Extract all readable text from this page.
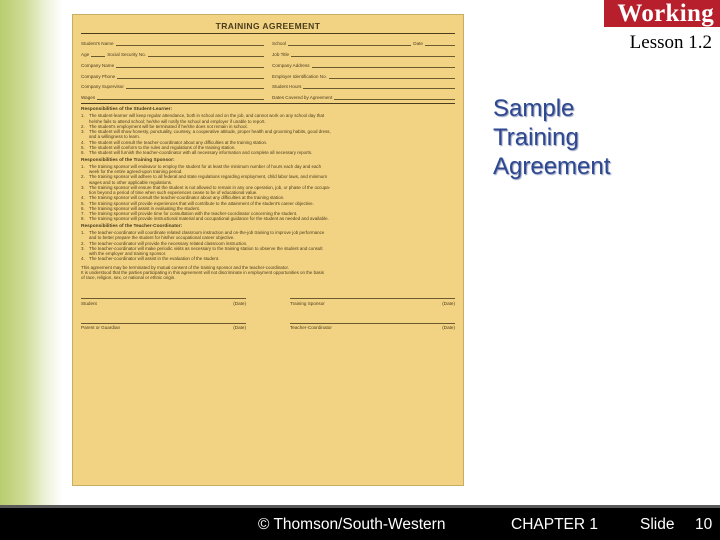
Working
Lesson 1.2
Sample
Training
Agreement
TRAINING AGREEMENT
Student's Name	School	Date
Age	Social Security No.	Job Title
Company Name	Company Address
Company Phone	Employer Identification No.
Company Supervisor	Student Hours
Wages	Dates Covered by Agreement
Responsibilities of the Student-Learner:
1. The student-learner will keep regular attendance, both in school and on the job, and cannot work on any school day that
he/she fails to attend school; he/she will notify the school and employer if unable to report.
2. The student's employment will be terminated if he/she does not remain in school.
3. The student will show honesty, punctuality, courtesy, a cooperative attitude, proper health and grooming habits, good dress,
and a willingness to learn.
4. The student will consult the teacher-coordinator about any difficulties at the training station.
5. The student will conform to the rules and regulations of the training station.
6. The student will furnish the teacher-coordinator with all necessary information and complete all necessary reports.
Responsibilities of the Training Sponsor:
1. The training sponsor will endeavor to employ the student for at least the minimum number of hours each day and each
week for the entire agreed-upon training period.
2. The training sponsor will adhere to all federal and state regulations regarding employment, child labor laws, and minimum
wages and to other applicable regulations.
3. The training sponsor will ensure that the student is not allowed to remain in any one operation, job, or phase of the occupa-
tion beyond a period of time when such experiences cease to be of educational value.
4. The training sponsor will consult the teacher-coordinator about any difficulties at the training station.
5. The training sponsor will provide experiences that will contribute to the attainment of the student's career objective.
6. The training sponsor will assist in evaluating the student.
7. The training sponsor will provide time for consultation with the teacher-coordinator concerning the student.
8. The training sponsor will provide instructional material and occupational guidance for the student as needed and available.
Responsibilities of the Teacher-Coordinator:
1. The teacher-coordinator will coordinate related classroom instruction and on-the-job training to improve job performance
and to better prepare the student for his/her occupational career objective.
2. The teacher-coordinator will provide the necessary related classroom instruction.
3. The teacher-coordinator will make periodic visits as necessary to the training station to observe the student and consult
with the employer and training sponsor.
4. The teacher-coordinator will assist in the evaluation of the student.
This agreement may be terminated by mutual consent of the training sponsor and the teacher-coordinator.
It is understood that the parties participating in this agreement will not discriminate in employment opportunities on the basis
of race, religion, sex, or national or ethnic origin.
Student	(Date)	Training Sponsor	(Date)
Parent or Guardian	(Date)	Teacher-Coordinator	(Date)
© Thomson/South-Western	CHAPTER 1	Slide 10
